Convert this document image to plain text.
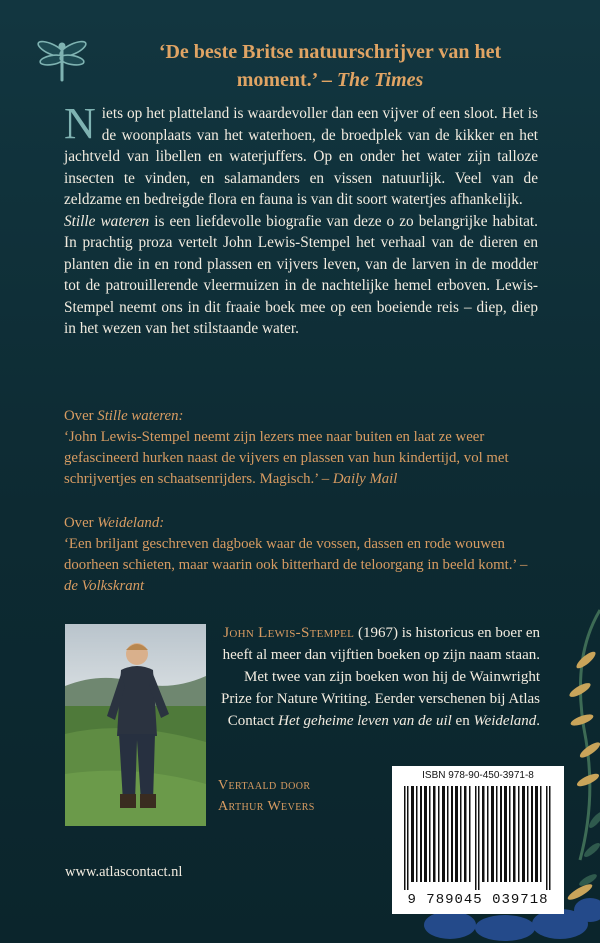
‘De beste Britse natuurschrijver van het moment.’ – The Times
N iets op het platteland is waardevoller dan een vijver of een sloot. Het is de woonplaats van het waterhoen, de broedplek van de kikker en het jachtveld van libellen en waterjuffers. Op en onder het water zijn talloze insecten te vinden, en salamanders en vissen natuurlijk. Veel van de zeldzame en bedreigde flora en fauna is van dit soort watertjes afhankelijk.

Stille wateren is een liefdevolle biografie van deze o zo belangrijke habitat. In prachtig proza vertelt John Lewis-Stempel het verhaal van de dieren en planten die in en rond plassen en vijvers leven, van de larven in de modder tot de patrouillerende vleermuizen in de nachtelijke hemel erboven. Lewis-Stempel neemt ons in dit fraaie boek mee op een boeiende reis – diep, diep in het wezen van het stilstaande water.

Over Stille wateren:

‘John Lewis-Stempel neemt zijn lezers mee naar buiten en laat ze weer gefascineerd hurken naast de vijvers en plassen van hun kindertijd, vol met schrijvertjes en schaatsenrijders. Magisch.’ – Daily Mail

Over Weideland:

‘Een briljant geschreven dagboek waar de vossen, dassen en rode wouwen doorheen schieten, maar waarin ook bitterhard de teloorgang in beeld komt.’ – de Volkskrant

John Lewis-Stempel (1967) is historicus en boer en heeft al meer dan vijftien boeken op zijn naam staan. Met twee van zijn boeken won hij de Wainwright Prize for Nature Writing. Eerder verschenen bij Atlas Contact Het geheime leven van de uil en Weideland.
Vertaald door
Arthur Wevers
www.atlascontact.nl
ISBN 978-90-450-3971-8
9 789045 039718
